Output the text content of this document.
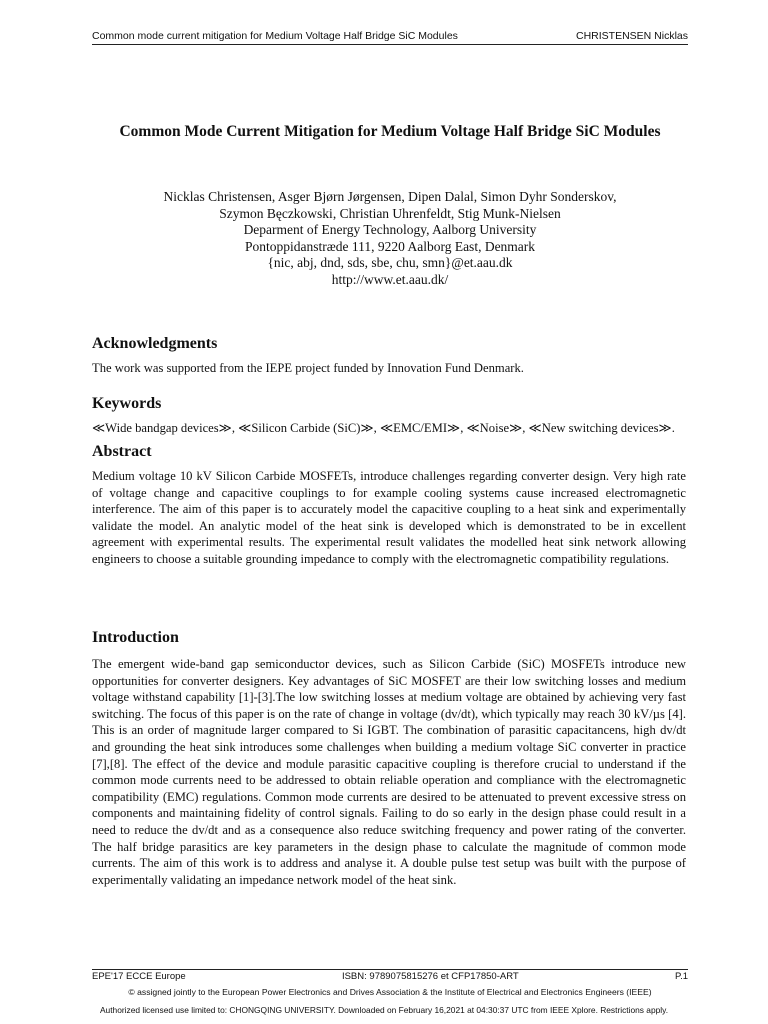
Common mode current mitigation for Medium Voltage Half Bridge SiC Modules	CHRISTENSEN Nicklas
Common Mode Current Mitigation for Medium Voltage Half Bridge SiC Modules
Nicklas Christensen, Asger Bjørn Jørgensen, Dipen Dalal, Simon Dyhr Sonderskov,
Szymon Bęczkowski, Christian Uhrenfeldt, Stig Munk-Nielsen
Deparment of Energy Technology, Aalborg University
Pontoppidanstræde 111, 9220 Aalborg East, Denmark
{nic, abj, dnd, sds, sbe, chu, smn}@et.aau.dk
http://www.et.aau.dk/
Acknowledgments

The work was supported from the IEPE project funded by Innovation Fund Denmark.

Keywords

≪Wide bandgap devices≫, ≪Silicon Carbide (SiC)≫, ≪EMC/EMI≫, ≪Noise≫, ≪New switching devices≫.

Abstract

Medium voltage 10 kV Silicon Carbide MOSFETs, introduce challenges regarding converter design. Very high rate of voltage change and capacitive couplings to for example cooling systems cause increased electromagnetic interference. The aim of this paper is to accurately model the capacitive coupling to a heat sink and experimentally validate the model. An analytic model of the heat sink is developed which is demonstrated to be in excellent agreement with experimental results. The experimental result validates the modelled heat sink network allowing engineers to choose a suitable grounding impedance to comply with the electromagnetic compatibility regulations.

Introduction

The emergent wide-band gap semiconductor devices, such as Silicon Carbide (SiC) MOSFETs introduce new opportunities for converter designers. Key advantages of SiC MOSFET are their low switching losses and medium voltage withstand capability [1]-[3].The low switching losses at medium voltage are obtained by achieving very fast switching. The focus of this paper is on the rate of change in voltage (dv/dt), which typically may reach 30 kV/µs [4]. This is an order of magnitude larger compared to Si IGBT. The combination of parasitic capacitancens, high dv/dt and grounding the heat sink introduces some challenges when building a medium voltage SiC converter in practice [7],[8]. The effect of the device and module parasitic capacitive coupling is therefore crucial to understand if the common mode currents need to be addressed to obtain reliable operation and compliance with the electromagnetic compatibility (EMC) regulations. Common mode currents are desired to be attenuated to prevent excessive stress on components and maintaining fidelity of control signals. Failing to do so early in the design phase could result in a need to reduce the dv/dt and as a consequence also reduce switching frequency and power rating of the converter. The half bridge parasitics are key parameters in the design phase to calculate the magnitude of common mode currents. The aim of this work is to address and analyse it. A double pulse test setup was built with the purpose of experimentally validating an impedance network model of the heat sink.

EPE'17 ECCE Europe	ISBN: 9789075815276 et CFP17850-ART	P.1
© assigned jointly to the European Power Electronics and Drives Association & the Institute of Electrical and Electronics Engineers (IEEE)
Authorized licensed use limited to: CHONGQING UNIVERSITY. Downloaded on February 16,2021 at 04:30:37 UTC from IEEE Xplore. Restrictions apply.
